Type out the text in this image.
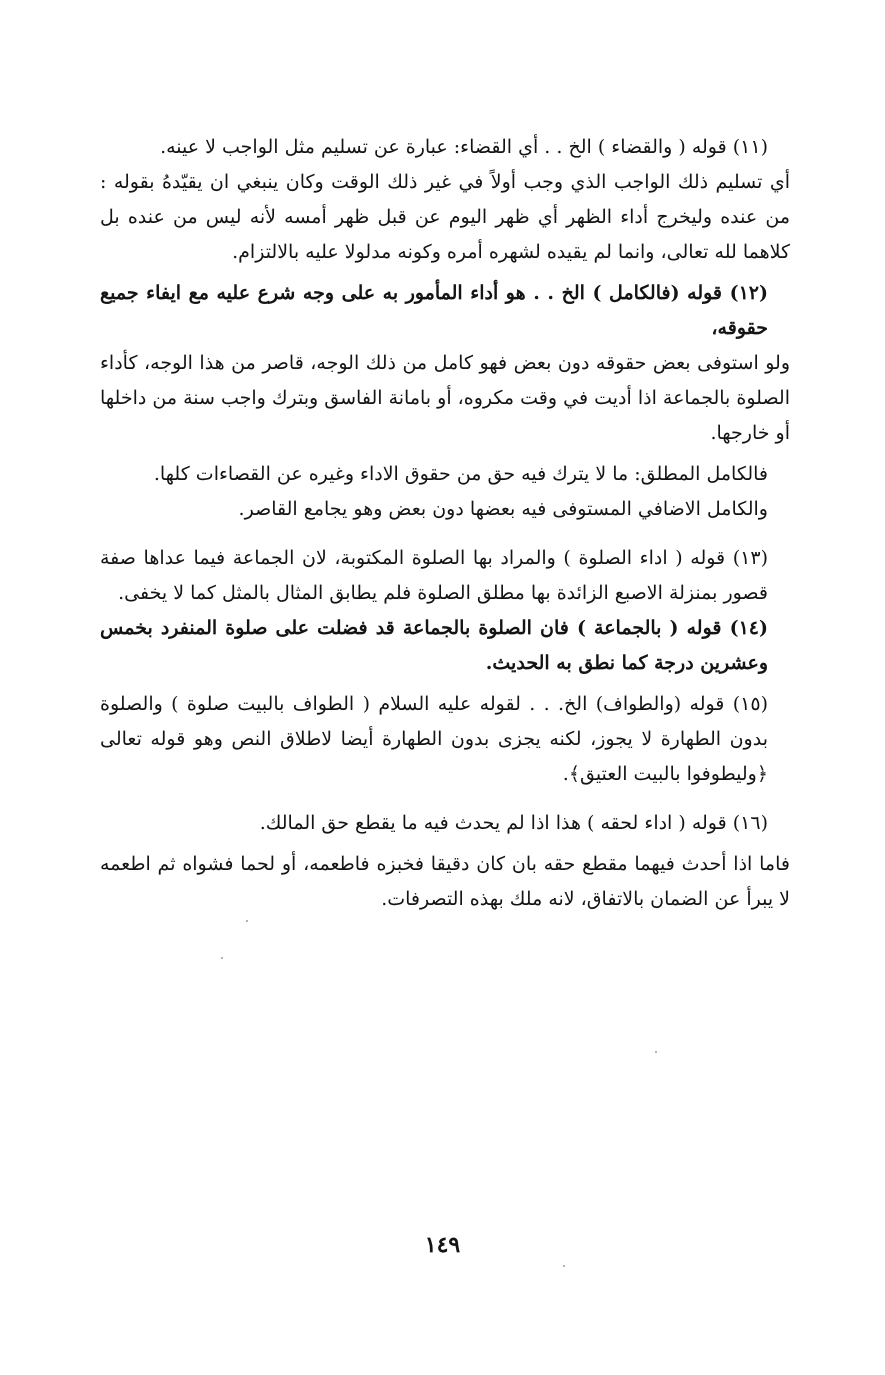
(١١) قوله ( والقضاء ) الخ . . أي القضاء: عبارة عن تسليم مثل الواجب لا عينه.

أي تسليم ذلك الواجب الذي وجب أولاً في غير ذلك الوقت وكان ينبغي ان يقيّدهُ بقوله : من عنده وليخرج أداء الظهر أي ظهر اليوم عن قبل ظهر أمسه لأنه ليس من عنده بل كلاهما لله تعالى، وانما لم يقيده لشهره أمره وكونه مدلولا عليه بالالتزام.

(١٢) قوله (فالكامل ) الخ . . هو أداء المأمور به على وجه شرع عليه مع ايفاء جميع حقوقه،

ولو استوفى بعض حقوقه دون بعض فهو كامل من ذلك الوجه، قاصر من هذا الوجه، كأداء الصلوة بالجماعة اذا أديت في وقت مكروه، أو بامانة الفاسق وبترك واجب سنة من داخلها أو خارجها.

فالكامل المطلق: ما لا يترك فيه حق من حقوق الاداء وغيره عن القصاءات كلها.

والكامل الاضافي المستوفى فيه بعضها دون بعض وهو يجامع القاصر.

(١٣) قوله ( اداء الصلوة ) والمراد بها الصلوة المكتوبة، لان الجماعة فيما عداها صفة قصور بمنزلة الاصبع الزائدة بها مطلق الصلوة فلم يطابق المثال بالمثل كما لا يخفى.

(١٤) قوله ( بالجماعة ) فان الصلوة بالجماعة قد فضلت على صلوة المنفرد بخمس وعشرين درجة كما نطق به الحديث.

(١٥) قوله (والطواف) الخ. . . لقوله عليه السلام ( الطواف بالبيت صلوة ) والصلوة بدون الطهارة لا يجوز، لكنه يجزى بدون الطهارة أيضا لاطلاق النص وهو قوله تعالى ﴿وليطوفوا بالبيت العتيق﴾.

(١٦) قوله ( اداء لحقه ) هذا اذا لم يحدث فيه ما يقطع حق المالك.

فاما اذا أحدث فيهما مقطع حقه بان كان دقيقا فخبزه فاطعمه، أو لحما فشواه ثم اطعمه لا يبرأ عن الضمان بالاتفاق، لانه ملك بهذه التصرفات.

١٤٩
